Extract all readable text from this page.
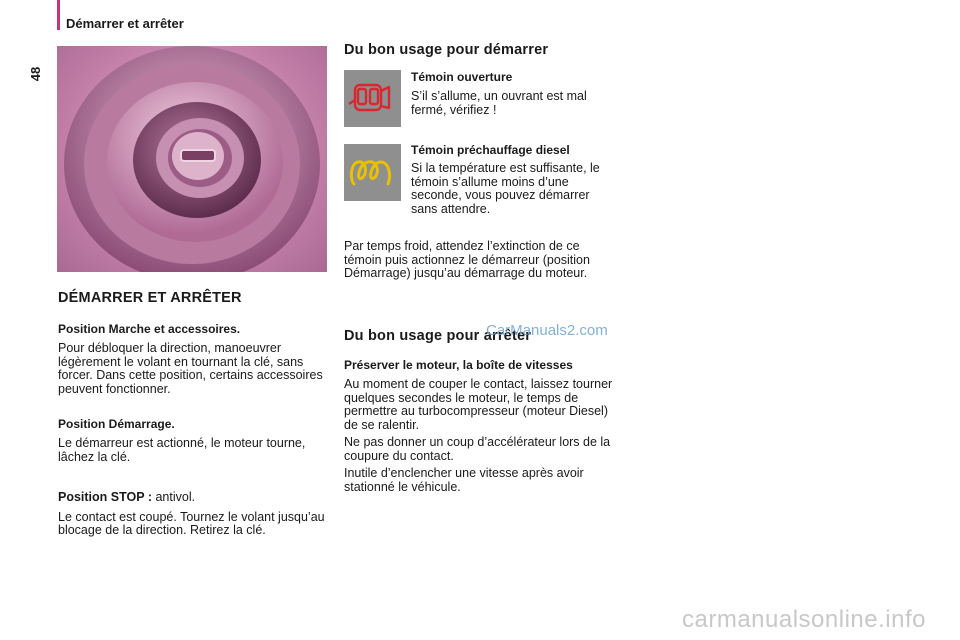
48
Démarrer et arrêter
DÉMARRER ET ARRÊTER
Position Marche et accessoires.

Pour débloquer la direction, manoeuvrer légèrement le volant en tournant la clé, sans forcer. Dans cette position, certains accessoires peuvent fonctionner.

Position Démarrage.

Le démarreur est actionné, le moteur tourne, lâchez la clé.

Position STOP : antivol.

Le contact est coupé. Tournez le volant jusqu’au blocage de la direction. Retirez la clé.

Du bon usage pour démarrer
Témoin ouverture

S’il s’allume, un ouvrant est mal fermé, vérifiez !

Témoin préchauffage diesel

Si la température est suffisante, le témoin s’allume moins d’une seconde, vous pouvez démarrer sans attendre.

Par temps froid, attendez l’extinction de ce témoin puis actionnez le démarreur (position Démarrage) jusqu’au démarrage du moteur.

Du bon usage pour arrêter
Préserver le moteur, la boîte de vitesses

Au moment de couper le contact, laissez tourner quelques secondes le moteur, le temps de permettre au turbocompresseur (moteur Diesel) de se ralentir.

Ne pas donner un coup d’accélérateur lors de la coupure du contact.

Inutile d’enclencher une vitesse après avoir stationné le véhicule.

CarManuals2.com
carmanualsonline.info
